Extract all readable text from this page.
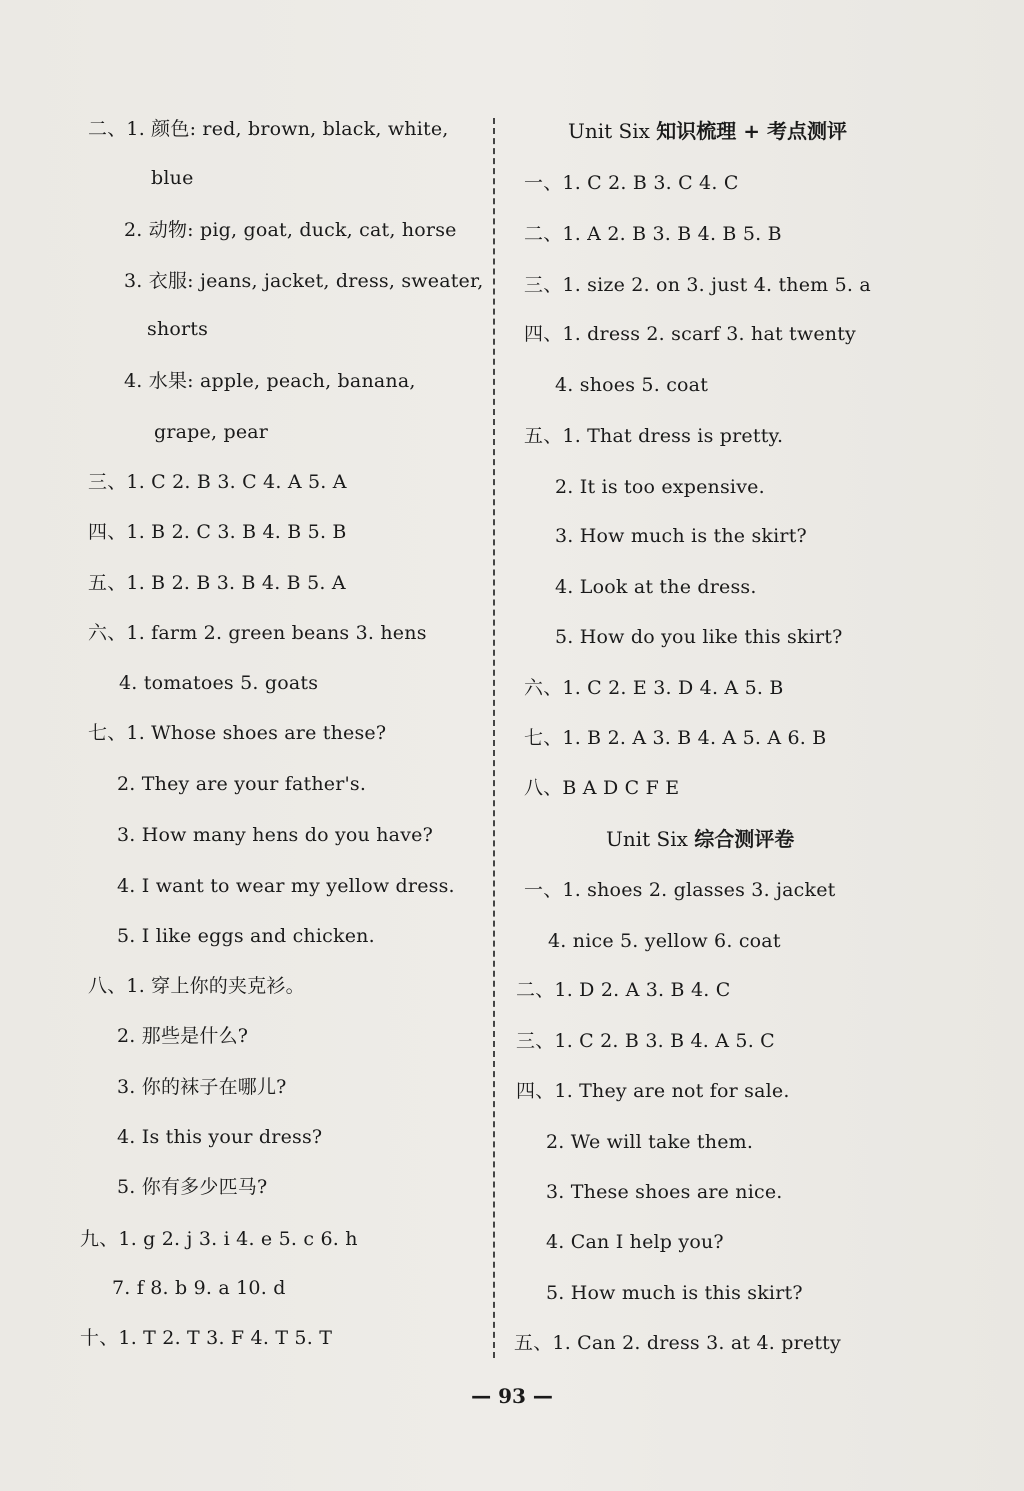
二、1. 颜色: red, brown, black, white,
blue
2. 动物: pig, goat, duck, cat, horse
3. 衣服: jeans, jacket, dress, sweater,
shorts
4. 水果: apple, peach, banana,
grape, pear
三、1. C 2. B 3. C 4. A 5. A
四、1. B 2. C 3. B 4. B 5. B
五、1. B 2. B 3. B 4. B 5. A
六、1. farm 2. green beans 3. hens
4. tomatoes 5. goats
七、1. Whose shoes are these?
2. They are your father's.
3. How many hens do you have?
4. I want to wear my yellow dress.
5. I like eggs and chicken.
八、1. 穿上你的夹克衫。
2. 那些是什么?
3. 你的袜子在哪儿?
4. Is this your dress?
5. 你有多少匹马?
九、1. g 2. j 3. i 4. e 5. c 6. h
7. f 8. b 9. a 10. d
十、1. T 2. T 3. F 4. T 5. T
Unit Six 知识梳理 + 考点测评
一、1. C 2. B 3. C 4. C
二、1. A 2. B 3. B 4. B 5. B
三、1. size 2. on 3. just 4. them 5. a
四、1. dress 2. scarf 3. hat twenty
4. shoes 5. coat
五、1. That dress is pretty.
2. It is too expensive.
3. How much is the skirt?
4. Look at the dress.
5. How do you like this skirt?
六、1. C 2. E 3. D 4. A 5. B
七、1. B 2. A 3. B 4. A 5. A 6. B
八、B A D C F E
Unit Six 综合测评卷
一、1. shoes 2. glasses 3. jacket
4. nice 5. yellow 6. coat
二、1. D 2. A 3. B 4. C
三、1. C 2. B 3. B 4. A 5. C
四、1. They are not for sale.
2. We will take them.
3. These shoes are nice.
4. Can I help you?
5. How much is this skirt?
五、1. Can 2. dress 3. at 4. pretty
— 93 —
